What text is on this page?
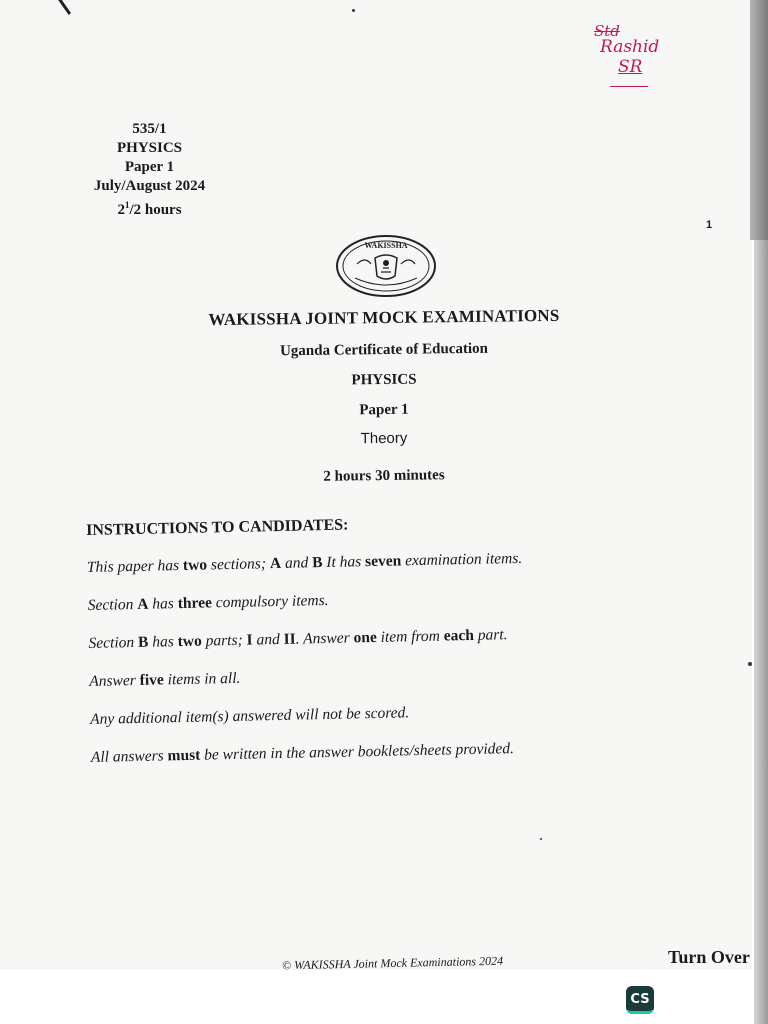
Std
Rashid
SR
535/1
PHYSICS
Paper 1
July/August 2024
$2^1/2$ hours
1
WAKISSHA
WAKISSHA JOINT MOCK EXAMINATIONS
Uganda Certificate of Education
PHYSICS
Paper 1
Theory
2 hours 30 minutes
INSTRUCTIONS TO CANDIDATES:
This paper has two sections; A and B It has seven examination items.
Section A has three compulsory items.
Section B has two parts; I and II. Answer one item from each part.
Answer five items in all.
Any additional item(s) answered will not be scored.
All answers must be written in the answer booklets/sheets provided.
© WAKISSHA Joint Mock Examinations 2024	Turn Over
CS
